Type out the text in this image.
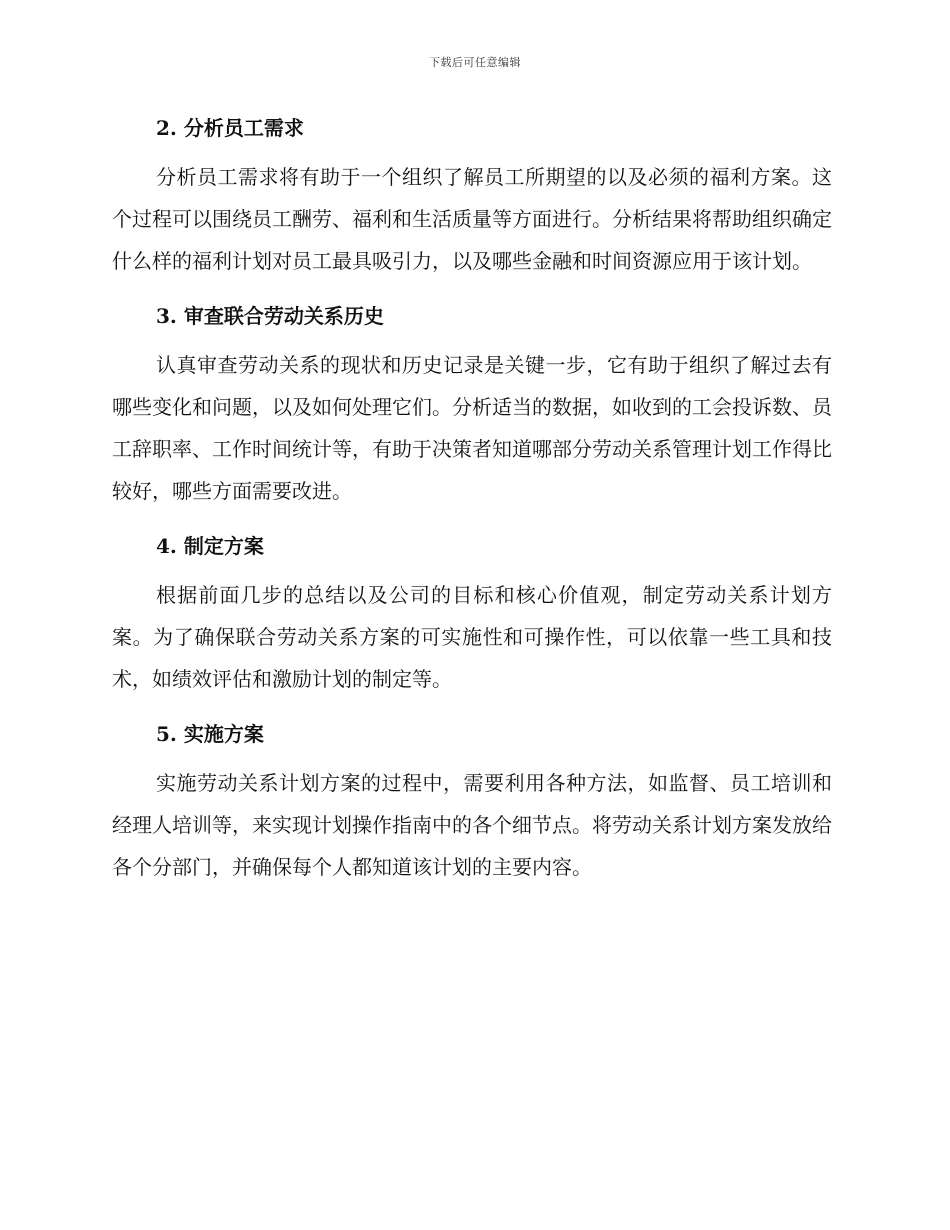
下载后可任意编辑
2. 分析员工需求

分析员工需求将有助于一个组织了解员工所期望的以及必须的福利方案。这个过程可以围绕员工酬劳、福利和生活质量等方面进行。分析结果将帮助组织确定什么样的福利计划对员工最具吸引力，以及哪些金融和时间资源应用于该计划。

3. 审查联合劳动关系历史

认真审查劳动关系的现状和历史记录是关键一步，它有助于组织了解过去有哪些变化和问题，以及如何处理它们。分析适当的数据，如收到的工会投诉数、员工辞职率、工作时间统计等，有助于决策者知道哪部分劳动关系管理计划工作得比较好，哪些方面需要改进。

4. 制定方案

根据前面几步的总结以及公司的目标和核心价值观，制定劳动关系计划方案。为了确保联合劳动关系方案的可实施性和可操作性，可以依靠一些工具和技术，如绩效评估和激励计划的制定等。

5. 实施方案

实施劳动关系计划方案的过程中，需要利用各种方法，如监督、员工培训和经理人培训等，来实现计划操作指南中的各个细节点。将劳动关系计划方案发放给各个分部门，并确保每个人都知道该计划的主要内容。
